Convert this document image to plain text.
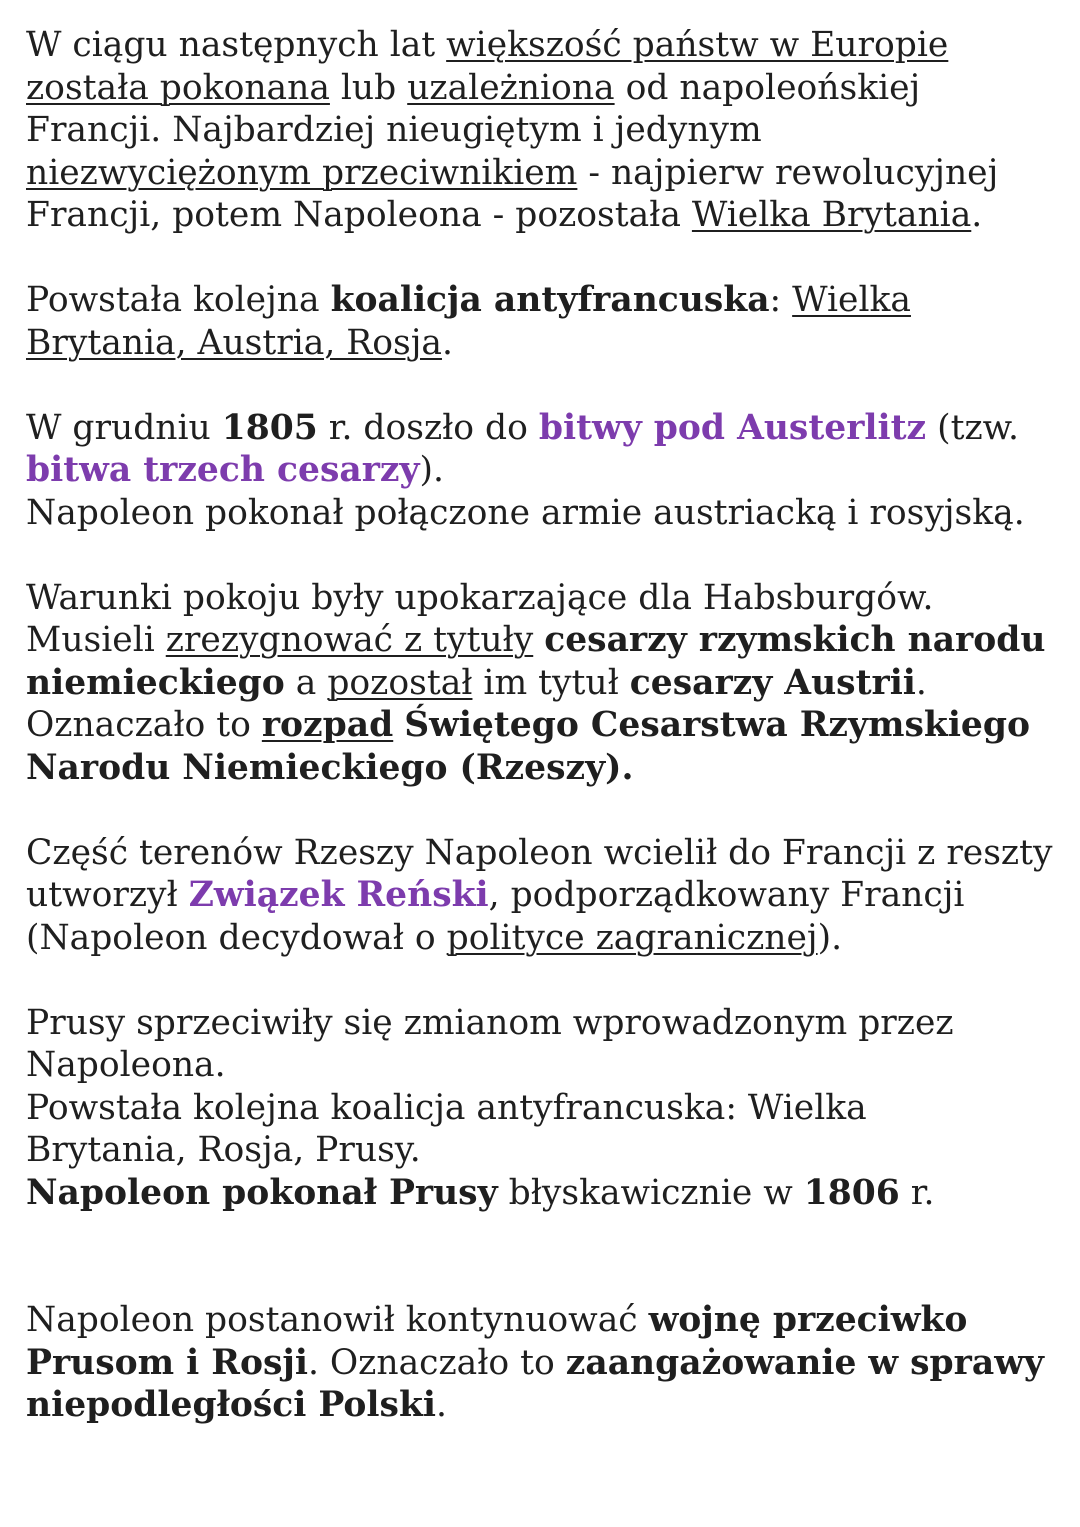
W ciągu następnych lat większość państw w Europie
została pokonana lub uzależniona od napoleońskiej
Francji. Najbardziej nieugiętym i jedynym
niezwyciężonym przeciwnikiem - najpierw rewolucyjnej
Francji, potem Napoleona - pozostała Wielka Brytania.

Powstała kolejna koalicja antyfrancuska: Wielka
Brytania, Austria, Rosja.

W grudniu 1805 r. doszło do bitwy pod Austerlitz (tzw.
bitwa trzech cesarzy).
Napoleon pokonał połączone armie austriacką i rosyjską.

Warunki pokoju były upokarzające dla Habsburgów.
Musieli zrezygnować z tytuły cesarzy rzymskich narodu
niemieckiego a pozostał im tytuł cesarzy Austrii.
Oznaczało to rozpad Świętego Cesarstwa Rzymskiego
Narodu Niemieckiego (Rzeszy).

Część terenów Rzeszy Napoleon wcielił do Francji z reszty
utworzył Związek Reński, podporządkowany Francji
(Napoleon decydował o polityce zagranicznej).

Prusy sprzeciwiły się zmianom wprowadzonym przez
Napoleona.
Powstała kolejna koalicja antyfrancuska: Wielka
Brytania, Rosja, Prusy.
Napoleon pokonał Prusy błyskawicznie w 1806 r.

Napoleon postanowił kontynuować wojnę przeciwko
Prusom i Rosji. Oznaczało to zaangażowanie w sprawy
niepodległości Polski.
